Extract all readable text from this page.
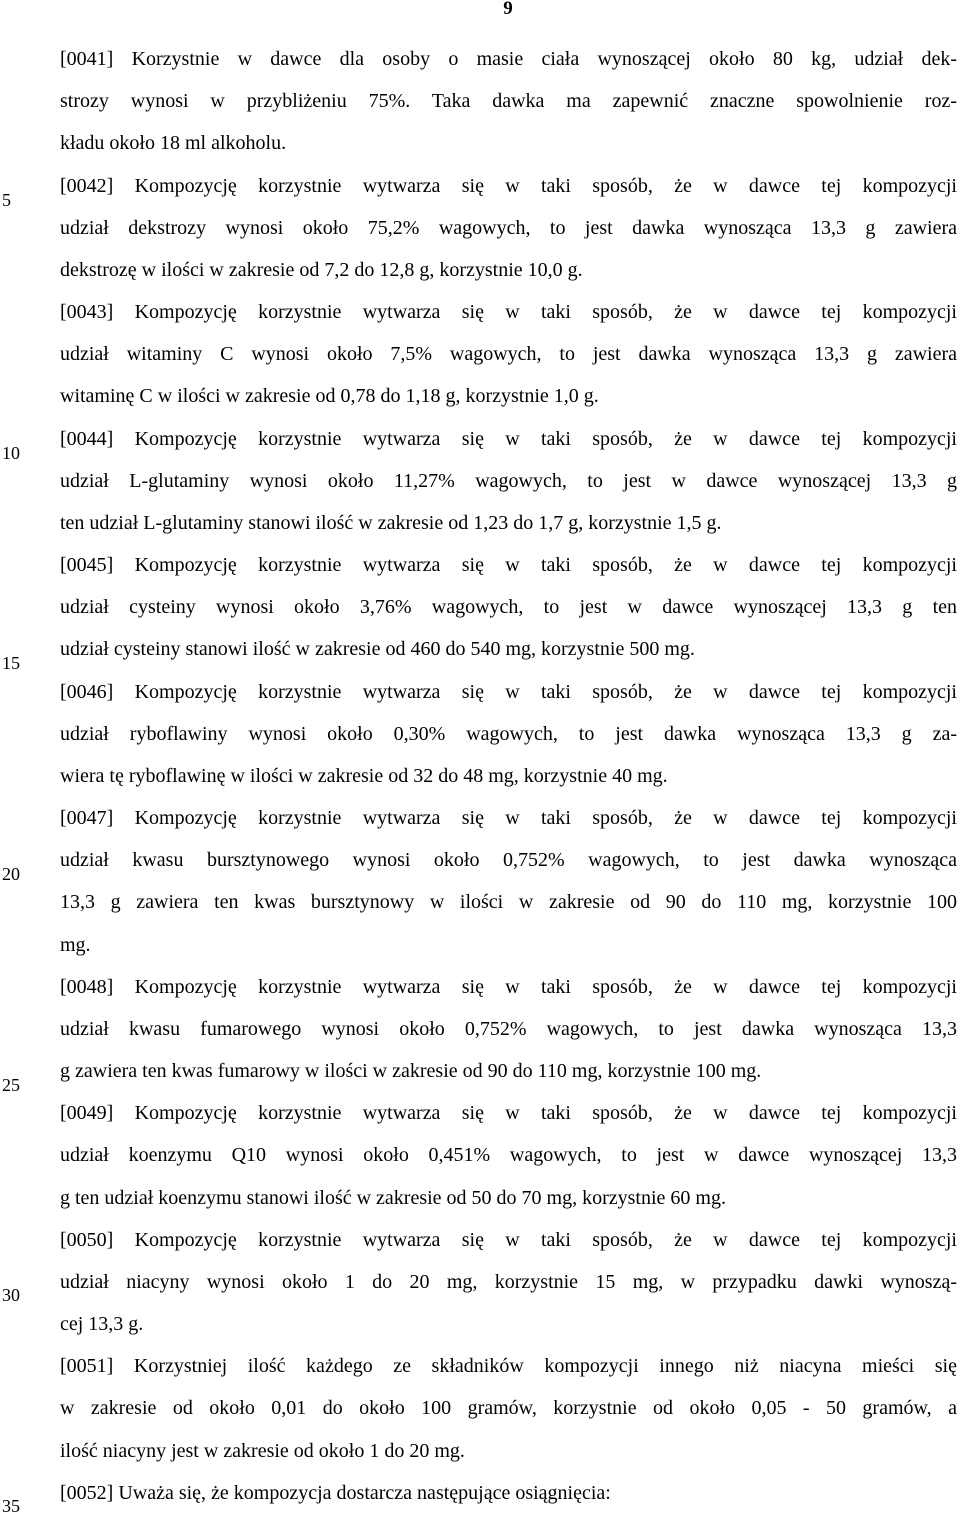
9
5
10
15
20
25
30
35
[0041] Korzystnie w dawce dla osoby o masie ciała wynoszącej około 80 kg, udział dek-
strozy wynosi w przybliżeniu 75%. Taka dawka ma zapewnić znaczne spowolnienie roz-
kładu około 18 ml alkoholu.
[0042] Kompozycję korzystnie wytwarza się w taki sposób, że w dawce tej kompozycji
udział dekstrozy wynosi około 75,2% wagowych, to jest dawka wynosząca 13,3 g zawiera
dekstrozę w ilości w zakresie od 7,2 do 12,8 g, korzystnie 10,0 g.
[0043] Kompozycję korzystnie wytwarza się w taki sposób, że w dawce tej kompozycji
udział witaminy C wynosi około 7,5% wagowych, to jest dawka wynosząca 13,3 g zawiera
witaminę C w ilości w zakresie od 0,78 do 1,18 g, korzystnie 1,0 g.
[0044] Kompozycję korzystnie wytwarza się w taki sposób, że w dawce tej kompozycji
udział L-glutaminy wynosi około 11,27% wagowych, to jest w dawce wynoszącej 13,3 g
ten udział L-glutaminy stanowi ilość w zakresie od 1,23 do 1,7 g, korzystnie 1,5 g.
[0045] Kompozycję korzystnie wytwarza się w taki sposób, że w dawce tej kompozycji
udział cysteiny wynosi około 3,76% wagowych, to jest w dawce wynoszącej 13,3 g ten
udział cysteiny stanowi ilość w zakresie od 460 do 540 mg, korzystnie 500 mg.
[0046] Kompozycję korzystnie wytwarza się w taki sposób, że w dawce tej kompozycji
udział ryboflawiny wynosi około 0,30% wagowych, to jest dawka wynosząca 13,3 g za-
wiera tę ryboflawinę w ilości w zakresie od 32 do 48 mg, korzystnie 40 mg.
[0047] Kompozycję korzystnie wytwarza się w taki sposób, że w dawce tej kompozycji
udział kwasu bursztynowego wynosi około 0,752% wagowych, to jest dawka wynosząca
13,3 g zawiera ten kwas bursztynowy w ilości w zakresie od 90 do 110 mg, korzystnie 100
mg.
[0048] Kompozycję korzystnie wytwarza się w taki sposób, że w dawce tej kompozycji
udział kwasu fumarowego wynosi około 0,752% wagowych, to jest dawka wynosząca 13,3
g zawiera ten kwas fumarowy w ilości w zakresie od 90 do 110 mg, korzystnie 100 mg.
[0049] Kompozycję korzystnie wytwarza się w taki sposób, że w dawce tej kompozycji
udział koenzymu Q10 wynosi około 0,451% wagowych, to jest w dawce wynoszącej 13,3
g ten udział koenzymu stanowi ilość w zakresie od 50 do 70 mg, korzystnie 60 mg.
[0050] Kompozycję korzystnie wytwarza się w taki sposób, że w dawce tej kompozycji
udział niacyny wynosi około 1 do 20 mg, korzystnie 15 mg, w przypadku dawki wynoszą-
cej 13,3 g.
[0051] Korzystniej ilość każdego ze składników kompozycji innego niż niacyna mieści się
w zakresie od około 0,01 do około 100 gramów, korzystnie od około 0,05 - 50 gramów, a
ilość niacyny jest w zakresie od około 1 do 20 mg.
[0052] Uważa się, że kompozycja dostarcza następujące osiągnięcia:
